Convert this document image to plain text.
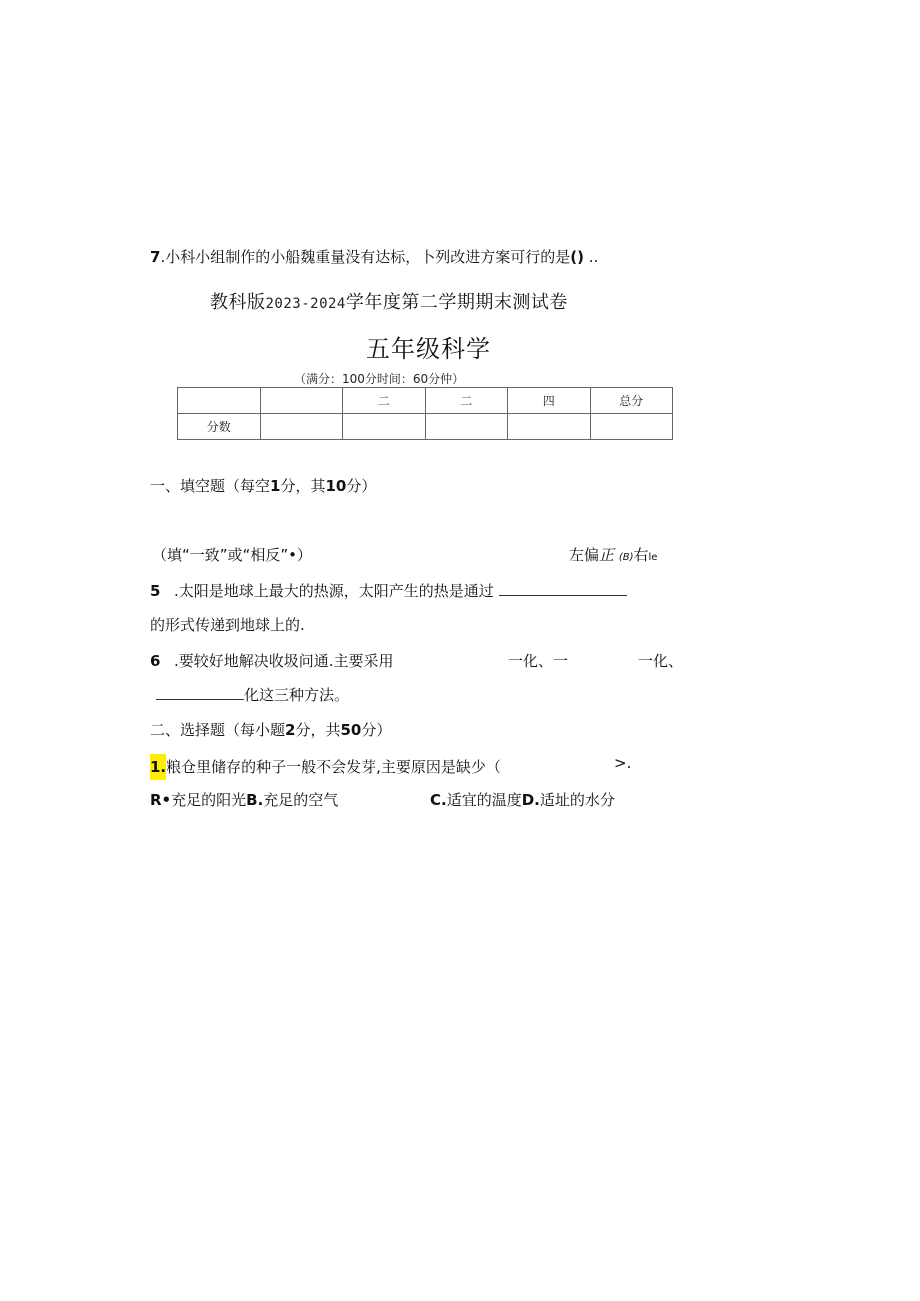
7.小科小组制作的小船魏重量没有达标，卜列改进方案可行的是() ..
教科版2023-2024学年度第二学期期末测试卷
五年级科学
（满分：100分时间：60分仲）
		二	二	四	总分
分数					
一、填空题（每空1分，其10分）
（填“一致”或“相反”•）	左偏正 (B)右le
5 .太阳是地球上最大的热源，太阳产生的热是通过
的形式传递到地球上的.
6 .要较好地解决收圾问通.主要采用	一化、一	一化、
化这三种方法。
二、选择题（每小题2分，共50分）
1.粮仓里储存的种子一般不会发芽,主要原因是缺少（	>.
R•充足的阳光B.充足的空气	C.适宜的温度D.适址的水分
